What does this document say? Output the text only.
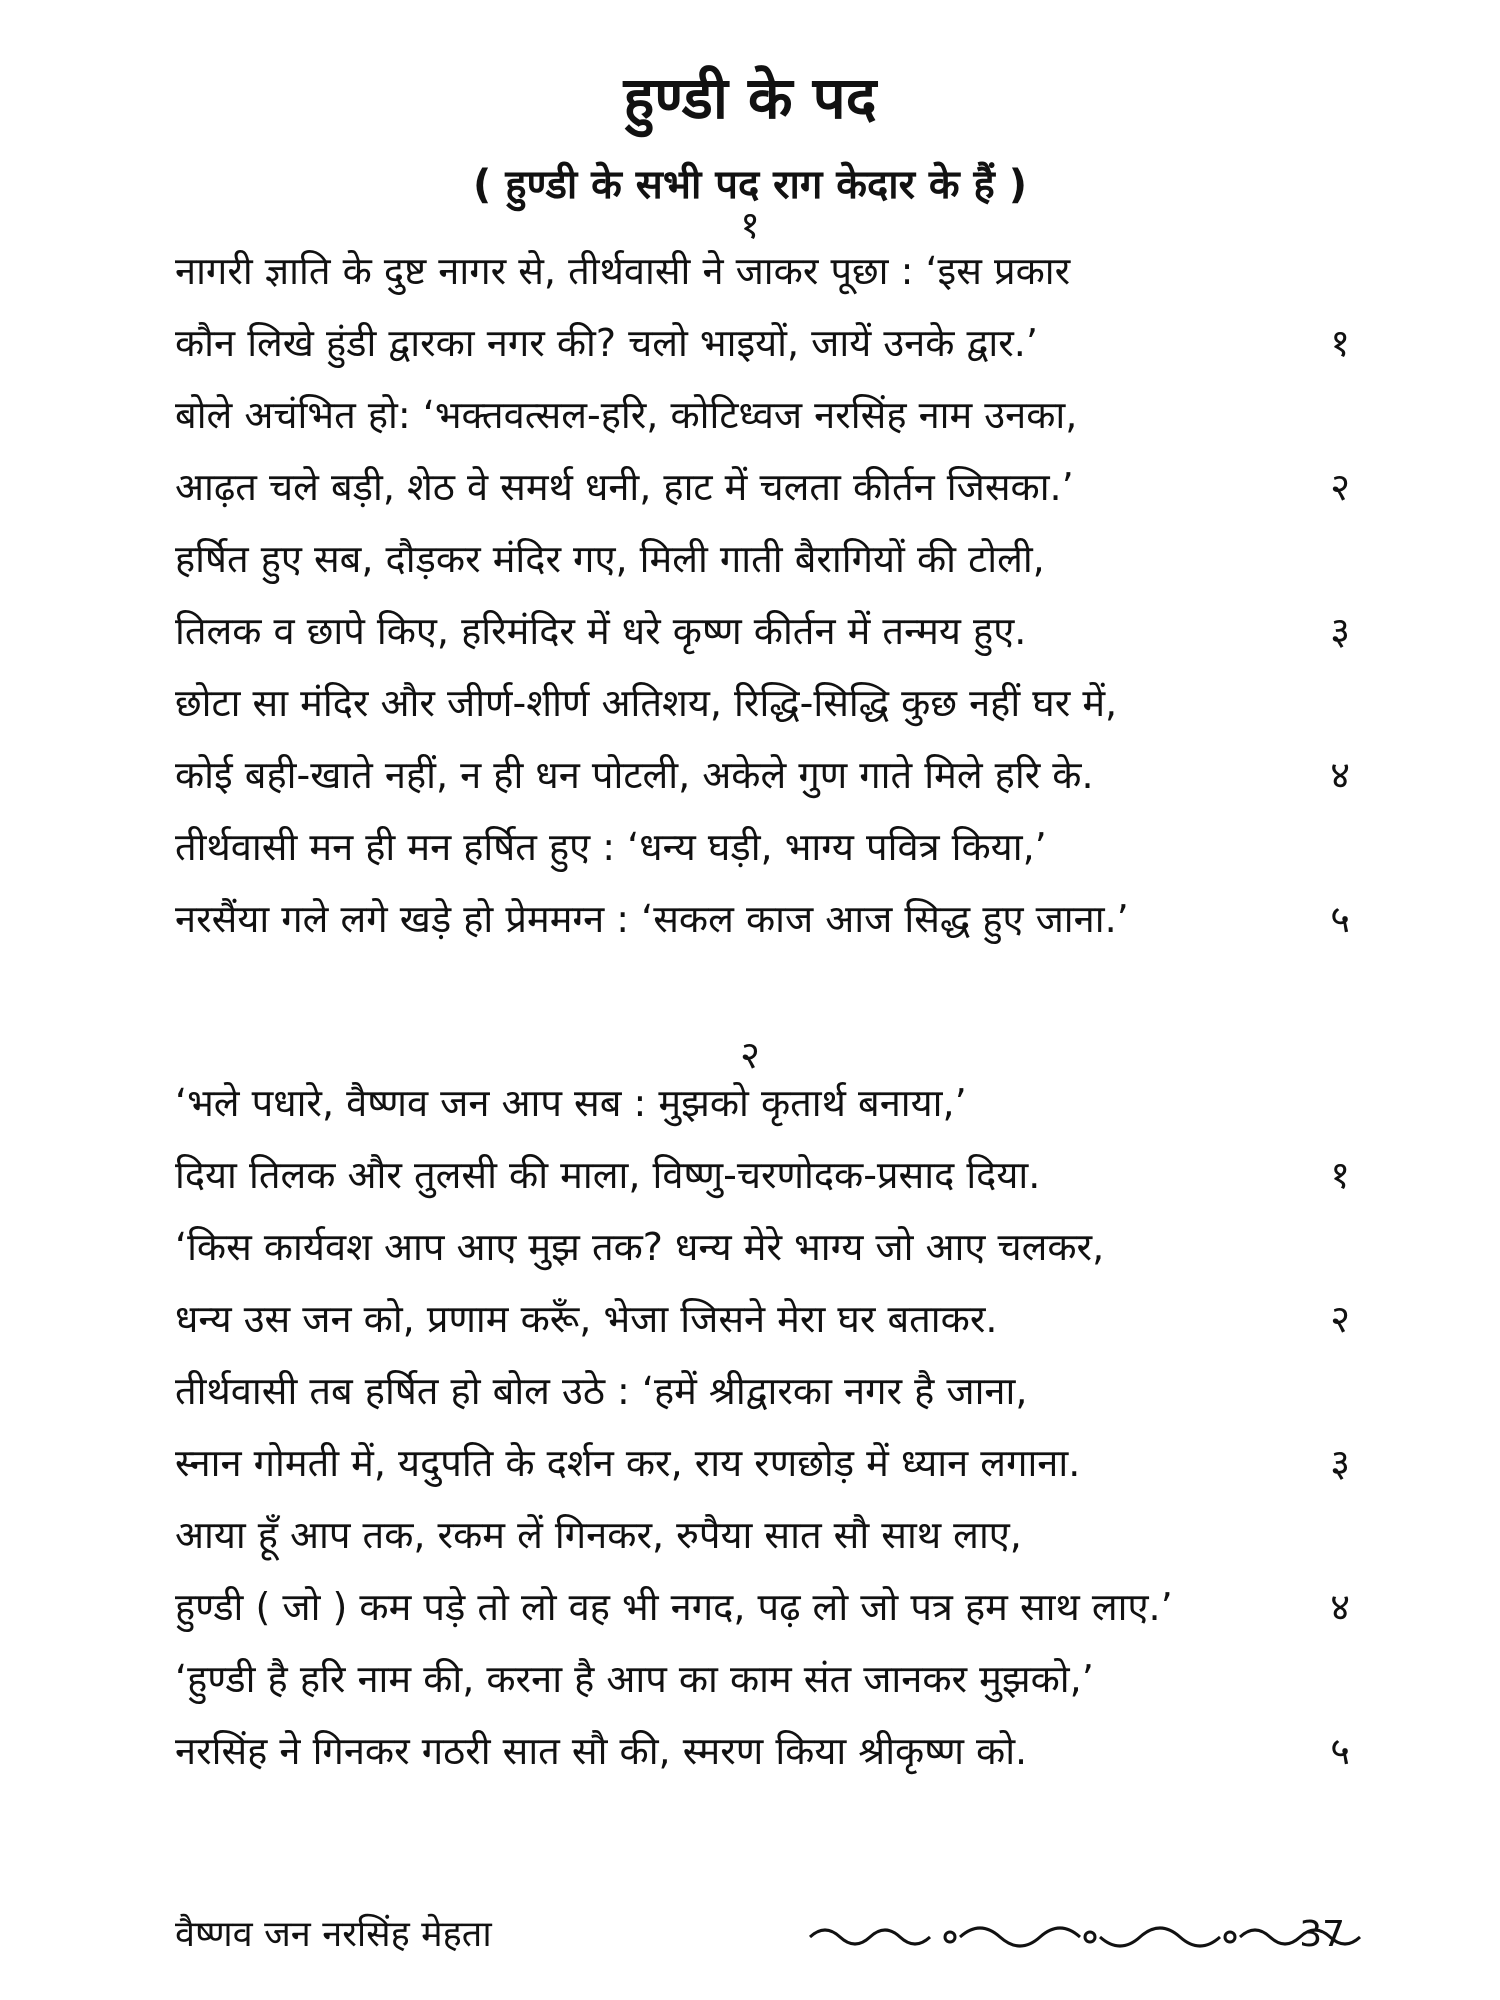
हुण्डी के पद
( हुण्डी के सभी पद राग केदार के हैं )
१
नागरी ज्ञाति के दुष्ट नागर से, तीर्थवासी ने जाकर पूछा : ‘इस प्रकार
कौन लिखे हुंडी द्वारका नगर की? चलो भाइयों, जायें उनके द्वार.’	१
बोले अचंभित हो: ‘भक्तवत्सल-हरि, कोटिध्वज नरसिंह नाम उनका,
आढ़त चले बड़ी, शेठ वे समर्थ धनी, हाट में चलता कीर्तन जिसका.’	२
हर्षित हुए सब, दौड़कर मंदिर गए, मिली गाती बैरागियों की टोली,
तिलक व छापे किए, हरिमंदिर में धरे कृष्ण कीर्तन में तन्मय हुए.	३
छोटा सा मंदिर और जीर्ण-शीर्ण अतिशय, रिद्धि-सिद्धि कुछ नहीं घर में,
कोई बही-खाते नहीं, न ही धन पोटली, अकेले गुण गाते मिले हरि के.	४
तीर्थवासी मन ही मन हर्षित हुए : ‘धन्य घड़ी, भाग्य पवित्र किया,’
नरसैंया गले लगे खड़े हो प्रेममग्न : ‘सकल काज आज सिद्ध हुए जाना.’	५
२
‘भले पधारे, वैष्णव जन आप सब : मुझको कृतार्थ बनाया,’
दिया तिलक और तुलसी की माला, विष्णु-चरणोदक-प्रसाद दिया.	१
‘किस कार्यवश आप आए मुझ तक? धन्य मेरे भाग्य जो आए चलकर,
धन्य उस जन को, प्रणाम करूँ, भेजा जिसने मेरा घर बताकर.	२
तीर्थवासी तब हर्षित हो बोल उठे : ‘हमें श्रीद्वारका नगर है जाना,
स्नान गोमती में, यदुपति के दर्शन कर, राय रणछोड़ में ध्यान लगाना.	३
आया हूँ आप तक, रकम लें गिनकर, रुपैया सात सौ साथ लाए,
हुण्डी ( जो ) कम पड़े तो लो वह भी नगद, पढ़ लो जो पत्र हम साथ लाए.’	४
‘हुण्डी है हरि नाम की, करना है आप का काम संत जानकर मुझको,’
नरसिंह ने गिनकर गठरी सात सौ की, स्मरण किया श्रीकृष्ण को.	५
वैष्णव जन नरसिंह मेहता	37
